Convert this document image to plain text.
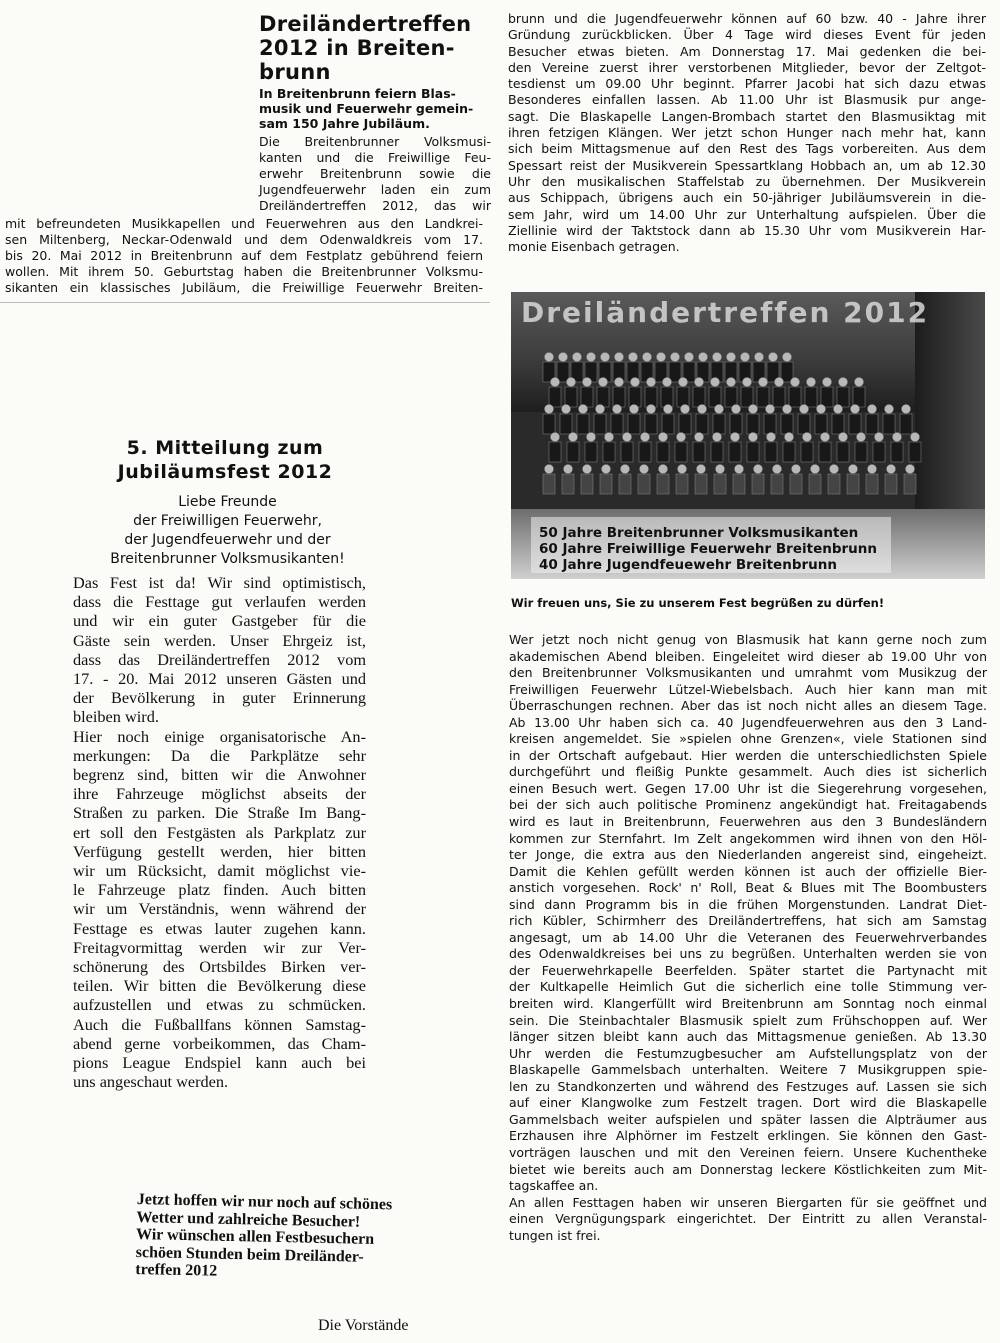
Dreiländertreffen
2012 in Breiten-
brunn
In Breitenbrunn feiern Blas-
musik und Feuerwehr gemein-
sam 150 Jahre Jubiläum.
Die Breitenbrunner Volksmusi-
kanten und die Freiwillige Feu-
erwehr Breitenbrunn sowie die
Jugendfeuerwehr laden ein zum
Dreiländertreffen 2012, das wir
mit befreundeten Musikkapellen und Feuerwehren aus den Landkrei-
sen Miltenberg, Neckar-Odenwald und dem Odenwaldkreis vom 17.
bis 20. Mai 2012 in Breitenbrunn auf dem Festplatz gebührend feiern
wollen. Mit ihrem 50. Geburtstag haben die Breitenbrunner Volksmu-
sikanten ein klassisches Jubiläum, die Freiwillige Feuerwehr Breiten-
brunn und die Jugendfeuerwehr können auf 60 bzw. 40 - Jahre ihrer
Gründung zurückblicken. Über 4 Tage wird dieses Event für jeden
Besucher etwas bieten. Am Donnerstag 17. Mai gedenken die bei-
den Vereine zuerst ihrer verstorbenen Mitglieder, bevor der Zeltgot-
tesdienst um 09.00 Uhr beginnt. Pfarrer Jacobi hat sich dazu etwas
Besonderes einfallen lassen. Ab 11.00 Uhr ist Blasmusik pur ange-
sagt. Die Blaskapelle Langen-Brombach startet den Blasmusiktag mit
ihren fetzigen Klängen. Wer jetzt schon Hunger nach mehr hat, kann
sich beim Mittagsmenue auf den Rest des Tags vorbereiten. Aus dem
Spessart reist der Musikverein Spessartklang Hobbach an, um ab 12.30
Uhr den musikalischen Staffelstab zu übernehmen. Der Musikverein
aus Schippach, übrigens auch ein 50-jähriger Jubiläumsverein in die-
sem Jahr, wird um 14.00 Uhr zur Unterhaltung aufspielen. Über die
Ziellinie wird der Taktstock dann ab 15.30 Uhr vom Musikverein Har-
monie Eisenbach getragen.
Dreiländertreffen 2012
50 Jahre Breitenbrunner Volksmusikanten
60 Jahre Freiwillige Feuerwehr Breitenbrunn
40 Jahre Jugendfeuewehr Breitenbrunn
Wir freuen uns, Sie zu unserem Fest begrüßen zu dürfen!
Wer jetzt noch nicht genug von Blasmusik hat kann gerne noch zum
akademischen Abend bleiben. Eingeleitet wird dieser ab 19.00 Uhr von
den Breitenbrunner Volksmusikanten und umrahmt vom Musikzug der
Freiwilligen Feuerwehr Lützel-Wiebelsbach. Auch hier kann man mit
Überraschungen rechnen. Aber das ist noch nicht alles an diesem Tage.
Ab 13.00 Uhr haben sich ca. 40 Jugendfeuerwehren aus den 3 Land-
kreisen angemeldet. Sie »spielen ohne Grenzen«, viele Stationen sind
in der Ortschaft aufgebaut. Hier werden die unterschiedlichsten Spiele
durchgeführt und fleißig Punkte gesammelt. Auch dies ist sicherlich
einen Besuch wert. Gegen 17.00 Uhr ist die Siegerehrung vorgesehen,
bei der sich auch politische Prominenz angekündigt hat. Freitagabends
wird es laut in Breitenbrunn, Feuerwehren aus den 3 Bundesländern
kommen zur Sternfahrt. Im Zelt angekommen wird ihnen von den Höl-
ter Jonge, die extra aus den Niederlanden angereist sind, eingeheizt.
Damit die Kehlen gefüllt werden können ist auch der offizielle Bier-
anstich vorgesehen. Rock' n' Roll, Beat & Blues mit The Boombusters
sind dann Programm bis in die frühen Morgenstunden. Landrat Diet-
rich Kübler, Schirmherr des Dreiländertreffens, hat sich am Samstag
angesagt, um ab 14.00 Uhr die Veteranen des Feuerwehrverbandes
des Odenwaldkreises bei uns zu begrüßen. Unterhalten werden sie von
der Feuerwehrkapelle Beerfelden. Später startet die Partynacht mit
der Kultkapelle Heimlich Gut die sicherlich eine tolle Stimmung ver-
breiten wird. Klangerfüllt wird Breitenbrunn am Sonntag noch einmal
sein. Die Steinbachtaler Blasmusik spielt zum Frühschoppen auf. Wer
länger sitzen bleibt kann auch das Mittagsmenue genießen. Ab 13.30
Uhr werden die Festumzugbesucher am Aufstellungsplatz von der
Blaskapelle Gammelsbach unterhalten. Weitere 7 Musikgruppen spie-
len zu Standkonzerten und während des Festzuges auf. Lassen sie sich
auf einer Klangwolke zum Festzelt tragen. Dort wird die Blaskapelle
Gammelsbach weiter aufspielen und später lassen die Alpträumer aus
Erzhausen ihre Alphörner im Festzelt erklingen. Sie können den Gast-
vorträgen lauschen und mit den Vereinen feiern. Unsere Kuchentheke
bietet wie bereits auch am Donnerstag leckere Köstlichkeiten zum Mit-
tagskaffee an.
An allen Festtagen haben wir unseren Biergarten für sie geöffnet und
einen Vergnügungspark eingerichtet. Der Eintritt zu allen Veranstal-
tungen ist frei.
5. Mitteilung zum
Jubiläumsfest 2012
Liebe Freunde
der Freiwilligen Feuerwehr,
der Jugendfeuerwehr und der
Breitenbrunner Volksmusikanten!
Das Fest ist da! Wir sind optimistisch,
dass die Festtage gut verlaufen werden
und wir ein guter Gastgeber für die
Gäste sein werden. Unser Ehrgeiz ist,
dass das Dreiländertreffen 2012 vom
17. - 20. Mai 2012 unseren Gästen und
der Bevölkerung in guter Erinnerung
bleiben wird.
Hier noch einige organisatorische An-
merkungen: Da die Parkplätze sehr
begrenz sind, bitten wir die Anwohner
ihre Fahrzeuge möglichst abseits der
Straßen zu parken. Die Straße Im Bang-
ert soll den Festgästen als Parkplatz zur
Verfügung gestellt werden, hier bitten
wir um Rücksicht, damit möglichst vie-
le Fahrzeuge platz finden. Auch bitten
wir um Verständnis, wenn während der
Festtage es etwas lauter zugehen kann.
Freitagvormittag werden wir zur Ver-
schönerung des Ortsbildes Birken ver-
teilen. Wir bitten die Bevölkerung diese
aufzustellen und etwas zu schmücken.
Auch die Fußballfans können Samstag-
abend gerne vorbeikommen, das Cham-
pions League Endspiel kann auch bei
uns angeschaut werden.
Jetzt hoffen wir nur noch auf schönes
Wetter und zahlreiche Besucher!
Wir wünschen allen Festbesuchern
schöen Stunden beim Dreiländer-
treffen 2012
Die Vorstände
